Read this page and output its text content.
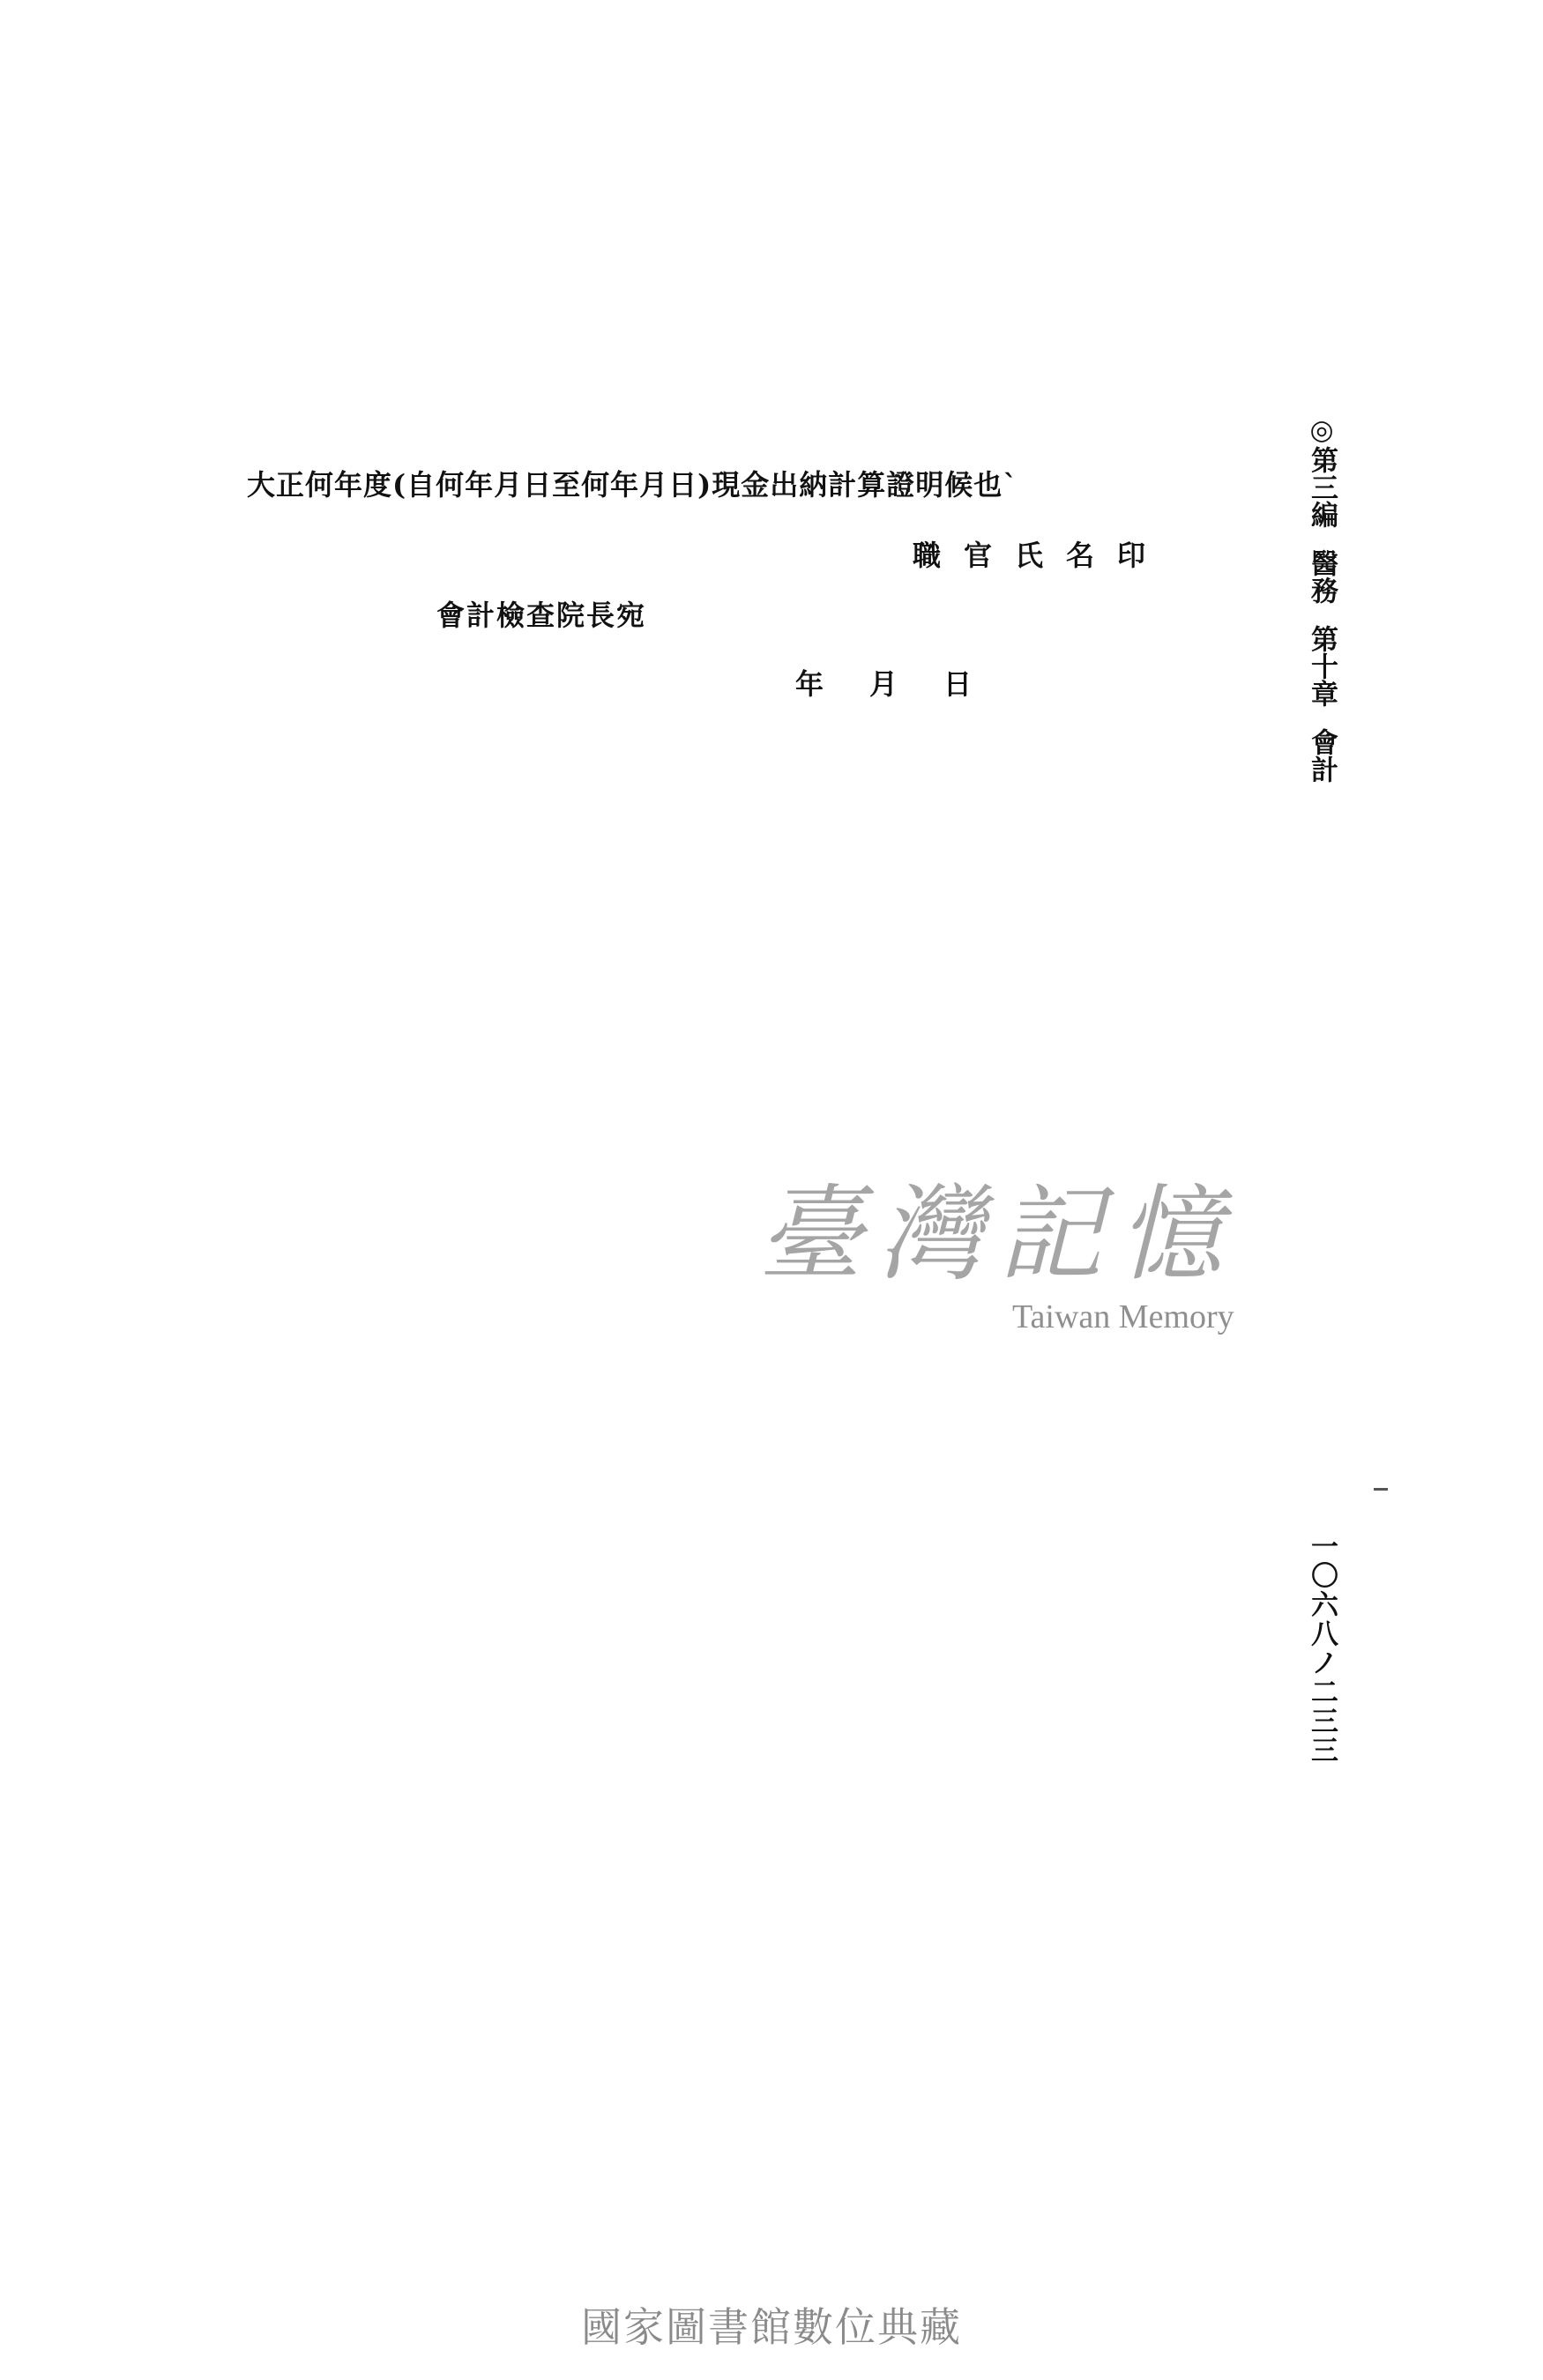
大正何年度(自何年月日至何年月日)現金出納計算證明候也`
職官氏名印
會計檢查院長宛
年月日
◎第三編醫務第十章會計
一〇六八ノ二三三
臺灣記憶
Taiwan Memory
國家圖書館數位典藏
